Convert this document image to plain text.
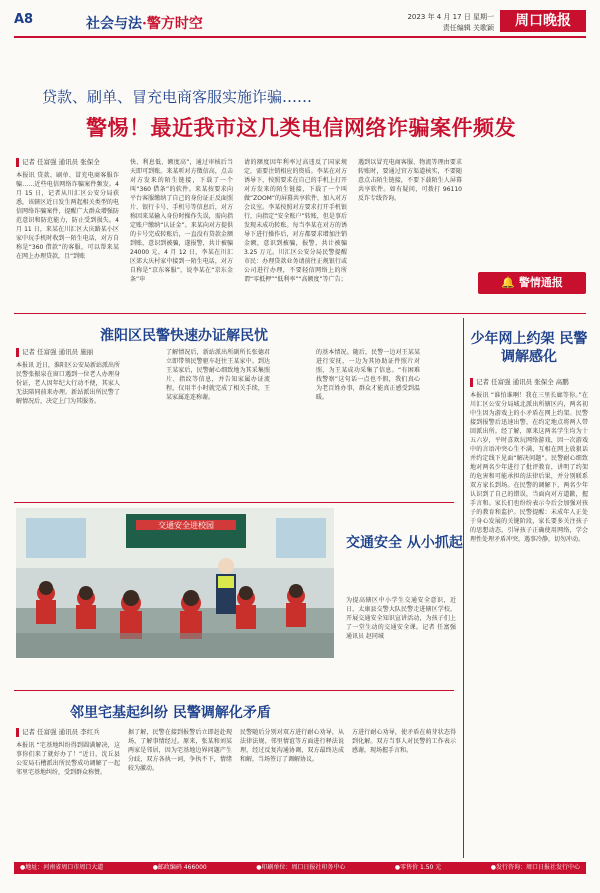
A8	社会与法·警方时空	2023 年 4 月 17 日 星期一
责任编辑 关歌颖	周口晚报
贷款、刷单、冒充电商客服实施诈骗……
警惕！最近我市这几类电信网络诈骗案件频发
记者 任富强 通讯员 张保全
本报讯 贷款、刷单、冒充电商客服诈骗……近些电信网络诈骗案件频发。4 月 15 日，记者从川汇区公安分局获悉，该辖区近日发生两起相关类型的电信网络诈骗案件，提醒广大群众增强防范意识和防范能力，防止受到损失。4 月 11 日，来某在川汇区大庆路某小区家中玩手机时收到一陌生电话，对方自称是“360 借款”的客服，可以帮来某在网上办理贷款，且“到账
快、利息低、额度高”，通过审核后当天即可到账。来某听对方徵信高，点击对方发来的陌生链接，下载了一个叫“360 借条”的软件。来某按要求向平台客服缴纳了自己的身份证正反面照片、银行卡号、手机号等信息后，对方称因来某输入身份时操作失误，需向指定账户缴纳“认证金”。来某向对方提供的卡号完成转账后，一直没有贷款金额到账，意识到被骗，遂报警，共计被骗 24000 元。4 月 12 日，李某在川汇区郊大庆村家中接到一陌生电话，对方自称是“京东客服”，说李某在“京东金条”申
请的额度因年利率过高违反了国家规定，需要注销相应的资质。李某在对方诱导下，按照要求在自己的手机上打开对方发来的陌生链接，下载了一个叫做“ZOOM”的屏幕共享软件，加入对方会议室。李某按照对方要求打开手机银行，向指定“安全账户”转账，但是事后发现未成功转账。每当李某在对方的诱导下进行操作后，对方都要求增加注销金额，意识到被骗，报警，共计被骗 3.25 万元。川汇区公安分局民警提醒市民：办理贷款业务请前往正规银行或公司进行办理，不要轻信网络上的所谓“零抵押”“低利率”“高额度”等广告；
遇到以冒充电商客服、物流等理由要求转账时，要通过官方渠道核实，不要随意点击陌生链接，不要下载陌生人屏幕共享软件。如有疑问，可拨打 96110 反诈专线咨询。
🔔 警情通报
淮阳区民警快速办证解民忧
记者 任富强 通讯员 施丽
本报讯 近日，淮阳区公安局新站派出所民警张振泉在窗口遇到一位老人办理身份证，老人因年纪大行动不便，其家人无法陪同前来办理。新站派出所民警了解情况后，决定上门为其服务。
了解情况后，新站派出所副所长张德君立即带领民警驱车赶往王某家中。到达王某家后，民警耐心细致地为其采集照片、指纹等信息，并告知家属办证流程，仅用半小时就完成了相关手续，王某家属连连称谢。
的基本情况。随后，民警一边对王某某进行安抚，一边为其协助证件照片对照，为王某成功采集了信息。“有困难找警察”这句话一点也不假，我们真心为老百姓办事，群众才能真正感受到温暖。
少年网上约架 民警调解感化
记者 任富强 通讯员 张保全 高鹏
本报讯 “谁怕谁啊！我在三里长廊等你。”在川汇区公安分局城北派出所辖区内，两名初中生因为游戏上的小矛盾在网上约架。民警接到报警后迅速出警，在约定地点将两人带回派出所。经了解，原来这两名学生均为十五六岁，平时喜欢玩网络游戏，因一次游戏中的言语冲突心生不满，互相在网上放狠话并约定线下见面“解决问题”。民警耐心细致地对两名少年进行了批评教育，讲明了约架的危害和可能承担的法律后果，并分别联系双方家长到场。在民警的调解下，两名少年认识到了自己的错误，当面向对方道歉，握手言和。家长们也纷纷表示今后会加强对孩子的教育和监护。民警提醒：未成年人正处于身心发展的关键阶段，家长要多关注孩子的思想动态，引导孩子正确使用网络，学会理性处理矛盾冲突，遇事冷静，切勿冲动。
交通安全进校园
交通安全 从小抓起
为提高辖区中小学生交通安全意识，近日，太康县交警大队民警走进辖区学校，开展交通安全知识宣讲活动，为孩子们上了一堂生动的交通安全课。记者 任富强 通讯员 赵同城
邻里宅基起纠纷 民警调解化矛盾
记者 任富强 通讯员 李红兵
本报讯 “宅基地纠纷得到圆满解决，这事你们来了就好办了！”近日，沈丘县公安局石槽派出所民警成功调解了一起邻里宅基地纠纷，受到群众称赞。
据了解，民警在接到报警后立即赶赴现场，了解事情经过。原来，张某和刘某两家是邻居，因为宅基地边界问题产生分歧，双方各执一词，争执不下，情绪较为激动。
民警随后分别对双方进行耐心劝导，从法律法规、邻里情谊等方面进行释法说理，经过反复沟通协调，双方最终达成和解，当场签订了调解协议。
方进行耐心劝导，使矛盾在萌芽状态得到化解。双方当事人对民警的工作表示感谢，现场握手言和。
●地址：河南省周口市周口大道	●邮政编码 466000	●印刷单位：周口日报社印务中心	●零售价 1.50 元	●发行咨询：周口日报社发行中心
